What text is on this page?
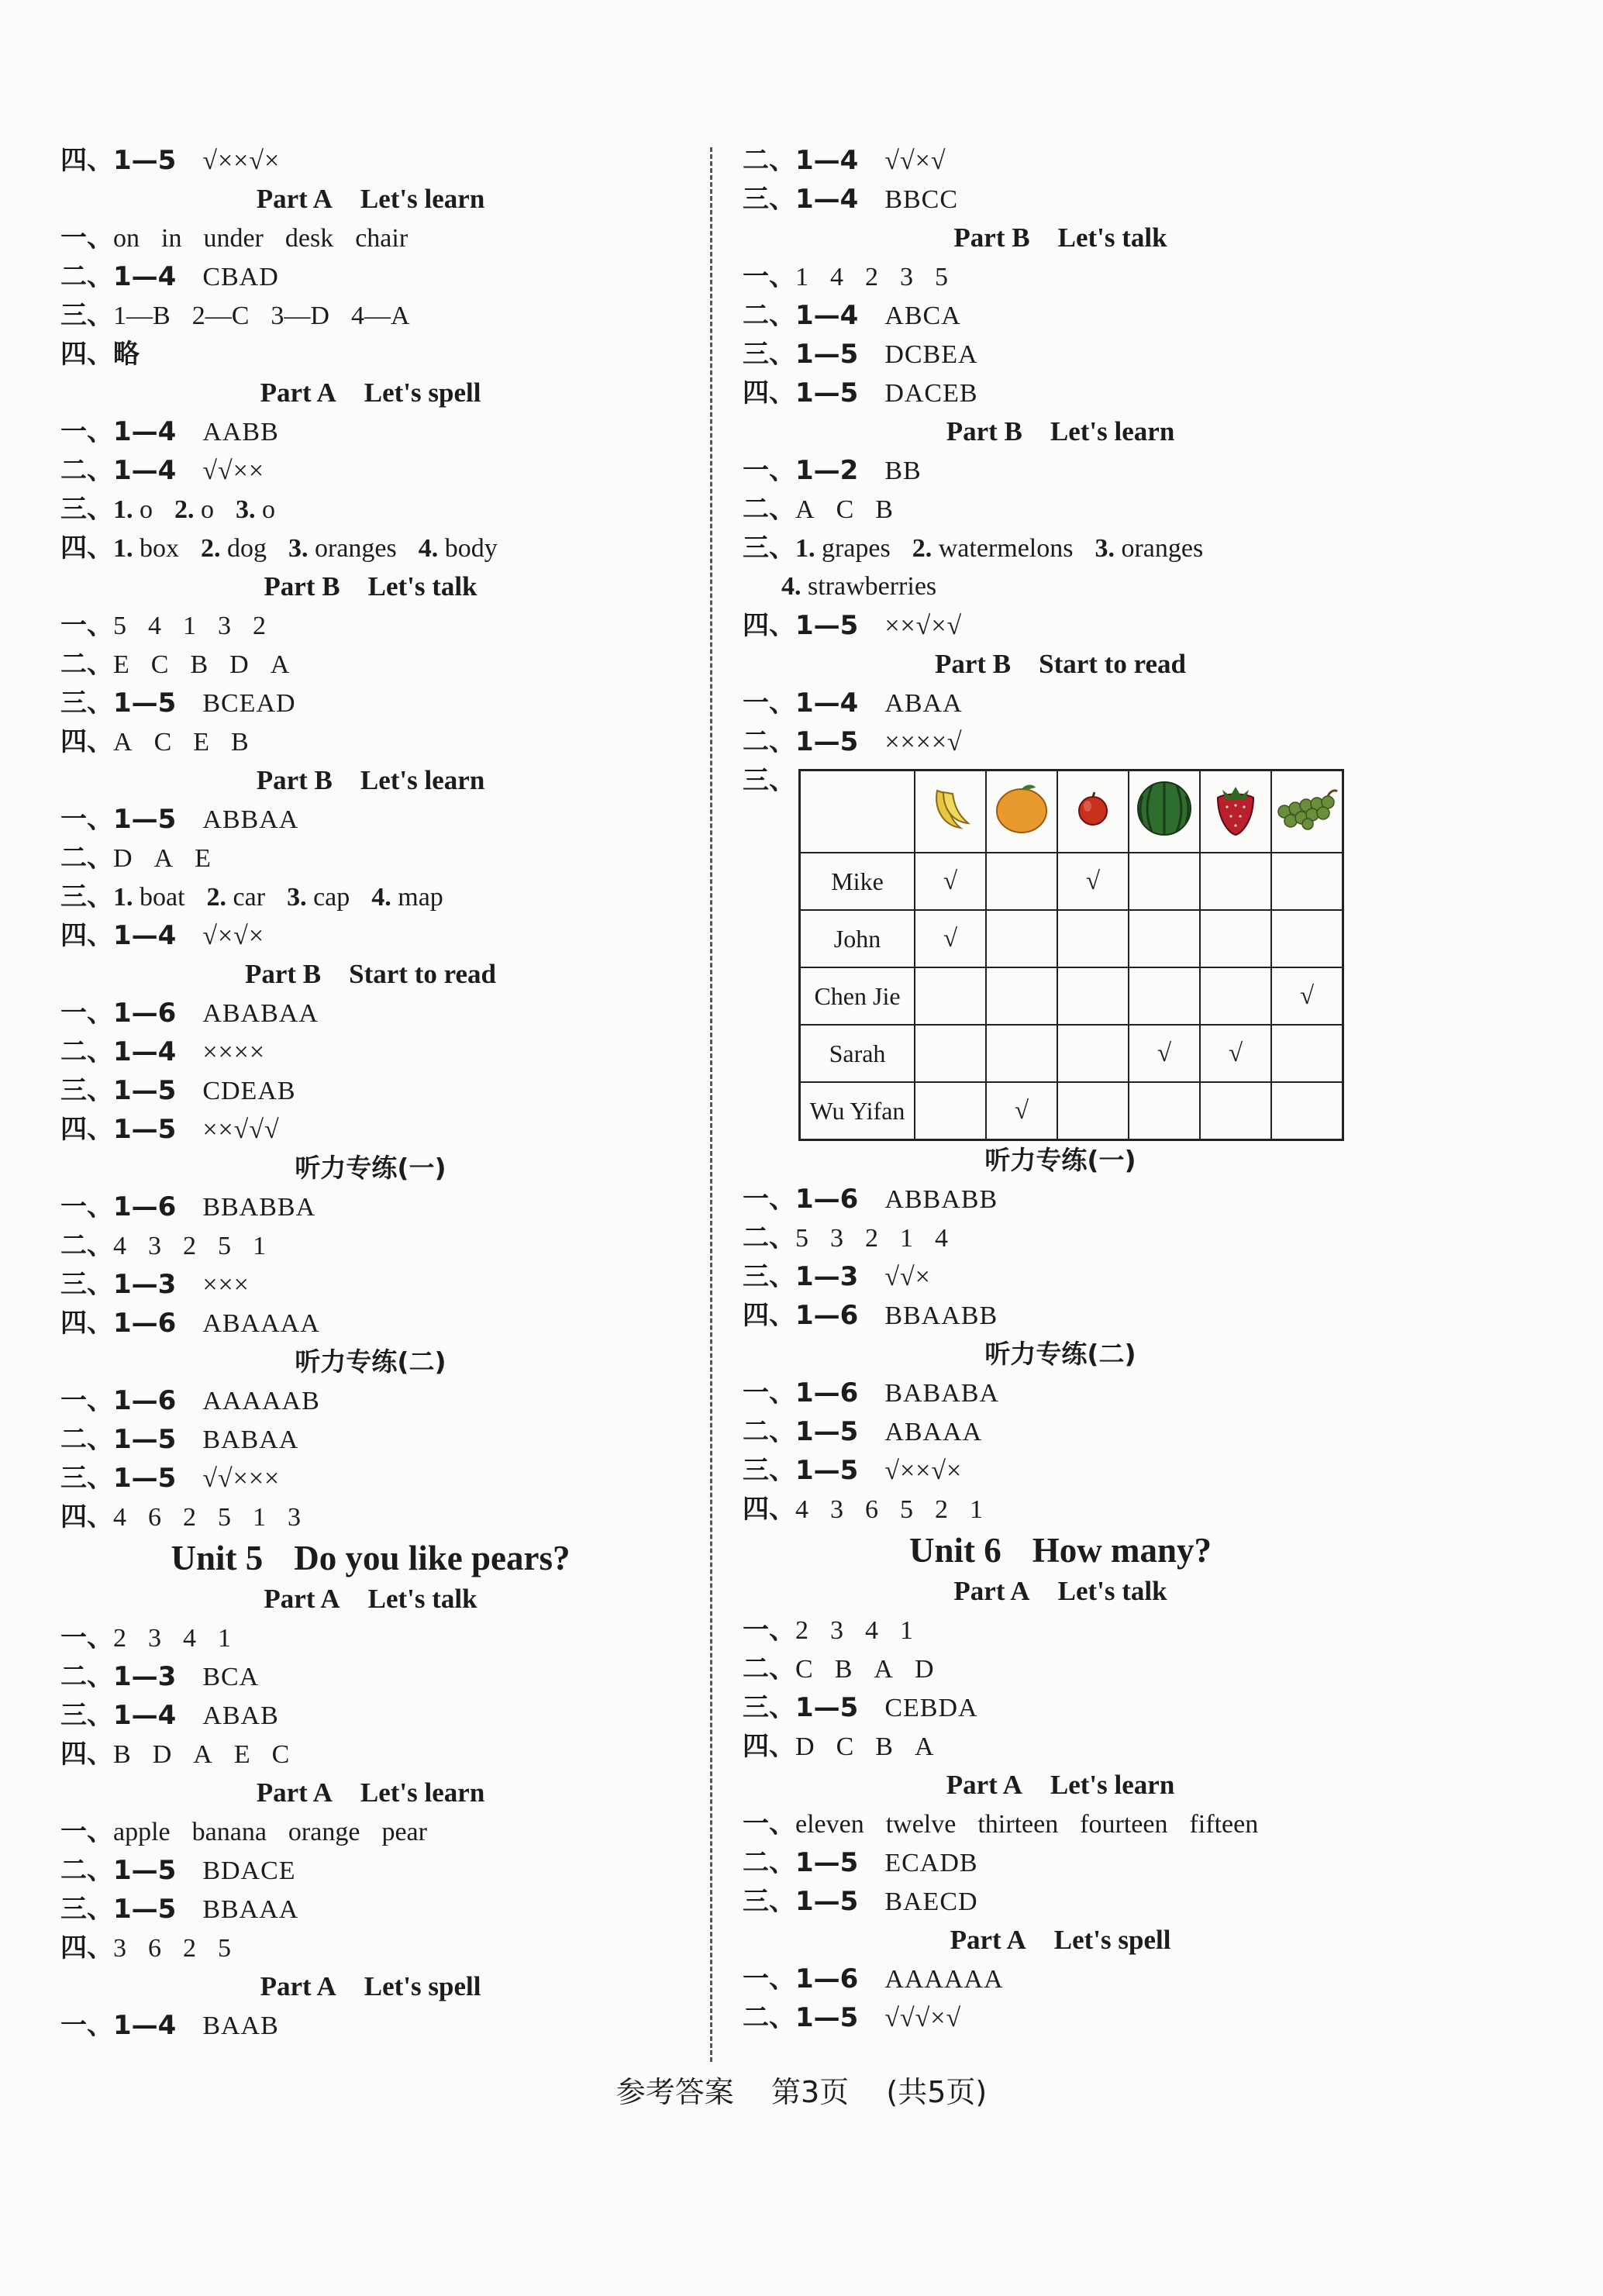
四、1—5 √××√×
Part A Let's learn
一、on in under desk chair
二、1—4 CBAD
三、1—B 2—C 3—D 4—A
四、略
Part A Let's spell
一、1—4 AABB
二、1—4 √√××
三、1. o 2. o 3. o
四、1. box 2. dog 3. oranges 4. body
Part B Let's talk
一、5 4 1 3 2
二、E C B D A
三、1—5 BCEAD
四、A C E B
Part B Let's learn
一、1—5 ABBAA
二、D A E
三、1. boat 2. car 3. cap 4. map
四、1—4 √×√×
Part B Start to read
一、1—6 ABABAA
二、1—4 ××××
三、1—5 CDEAB
四、1—5 ××√√√
听力专练(一)
一、1—6 BBABBA
二、4 3 2 5 1
三、1—3 ×××
四、1—6 ABAAAA
听力专练(二)
一、1—6 AAAAAB
二、1—5 BABAA
三、1—5 √√×××
四、4 6 2 5 1 3
Unit 5 Do you like pears?
Part A Let's talk
一、2 3 4 1
二、1—3 BCA
三、1—4 ABAB
四、B D A E C
Part A Let's learn
一、apple banana orange pear
二、1—5 BDACE
三、1—5 BBAAA
四、3 6 2 5
Part A Let's spell
一、1—4 BAAB
二、1—4 √√×√
三、1—4 BBCC
Part B Let's talk
一、1 4 2 3 5
二、1—4 ABCA
三、1—5 DCBEA
四、1—5 DACEB
Part B Let's learn
一、1—2 BB
二、A C B
三、1. grapes 2. watermelons 3. oranges
4. strawberries
四、1—5 ××√×√
Part B Start to read
一、1—4 ABAA
二、1—5 ××××√
三、

Mike	√		√			
John	√					
Chen Jie						√
Sarah				√	√	
Wu Yifan		√				
听力专练(一)
一、1—6 ABBABB
二、5 3 2 1 4
三、1—3 √√×
四、1—6 BBAABB
听力专练(二)
一、1—6 BABABA
二、1—5 ABAAA
三、1—5 √××√×
四、4 3 6 5 2 1
Unit 6 How many?
Part A Let's talk
一、2 3 4 1
二、C B A D
三、1—5 CEBDA
四、D C B A
Part A Let's learn
一、eleven twelve thirteen fourteen fifteen
二、1—5 ECADB
三、1—5 BAECD
Part A Let's spell
一、1—6 AAAAAA
二、1—5 √√√×√
参考答案 第3页 (共5页)
